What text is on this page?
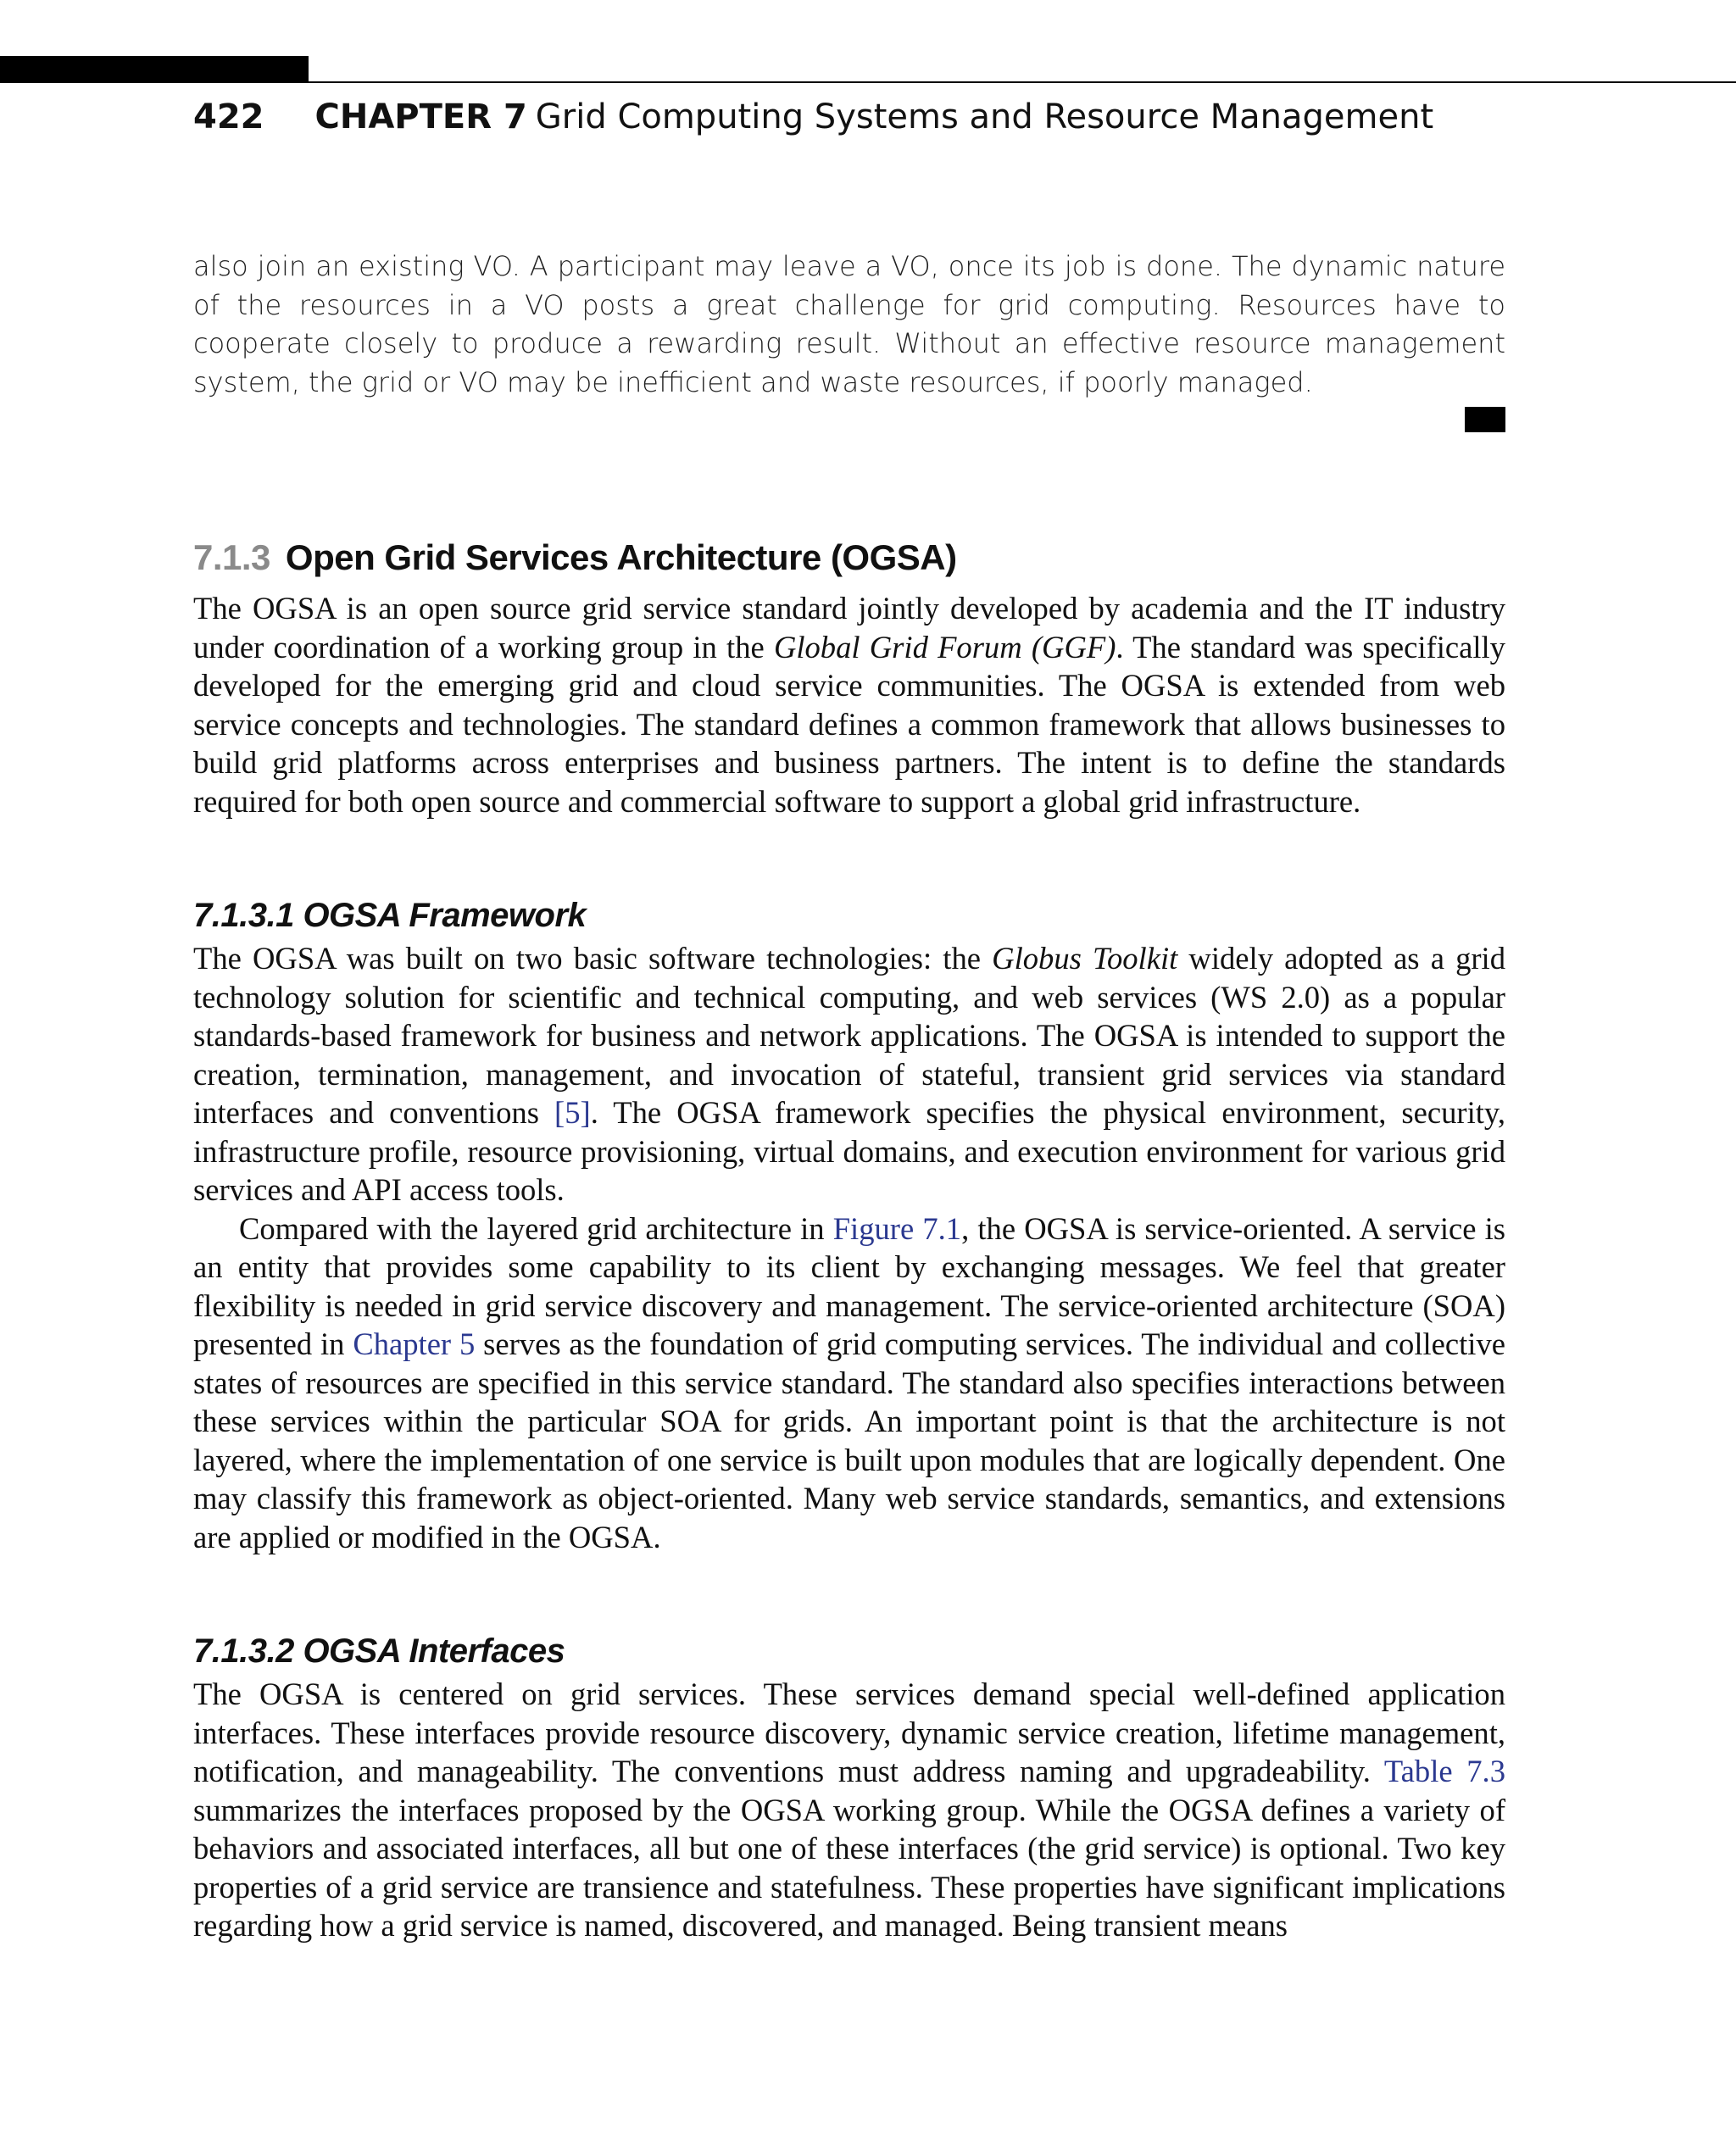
422 CHAPTER 7 Grid Computing Systems and Resource Management

also join an existing VO. A participant may leave a VO, once its job is done. The dynamic nature of the resources in a VO posts a great challenge for grid computing. Resources have to cooperate closely to produce a rewarding result. Without an effective resource management system, the grid or VO may be inefficient and waste resources, if poorly managed.

7.1.3 Open Grid Services Architecture (OGSA)

The OGSA is an open source grid service standard jointly developed by academia and the IT industry under coordination of a working group in the Global Grid Forum (GGF). The standard was specifically developed for the emerging grid and cloud service communities. The OGSA is extended from web service concepts and technologies. The standard defines a common framework that allows businesses to build grid platforms across enterprises and business partners. The intent is to define the standards required for both open source and commercial software to support a global grid infrastructure.

7.1.3.1 OGSA Framework

The OGSA was built on two basic software technologies: the Globus Toolkit widely adopted as a grid technology solution for scientific and technical computing, and web services (WS 2.0) as a popular standards-based framework for business and network applications. The OGSA is intended to support the creation, termination, management, and invocation of stateful, transient grid services via standard interfaces and conventions [5]. The OGSA framework specifies the physical environment, security, infrastructure profile, resource provisioning, virtual domains, and execution environment for various grid services and API access tools.

Compared with the layered grid architecture in Figure 7.1, the OGSA is service-oriented. A service is an entity that provides some capability to its client by exchanging messages. We feel that greater flexibility is needed in grid service discovery and management. The service-oriented architecture (SOA) presented in Chapter 5 serves as the foundation of grid computing services. The individual and collective states of resources are specified in this service standard. The standard also specifies interactions between these services within the particular SOA for grids. An important point is that the architecture is not layered, where the implementation of one service is built upon modules that are logically dependent. One may classify this framework as object-oriented. Many web service standards, semantics, and extensions are applied or modified in the OGSA.

7.1.3.2 OGSA Interfaces

The OGSA is centered on grid services. These services demand special well-defined application interfaces. These interfaces provide resource discovery, dynamic service creation, lifetime management, notification, and manageability. The conventions must address naming and upgradeability. Table 7.3 summarizes the interfaces proposed by the OGSA working group. While the OGSA defines a variety of behaviors and associated interfaces, all but one of these interfaces (the grid service) is optional. Two key properties of a grid service are transience and statefulness. These properties have significant implications regarding how a grid service is named, discovered, and managed. Being transient means
